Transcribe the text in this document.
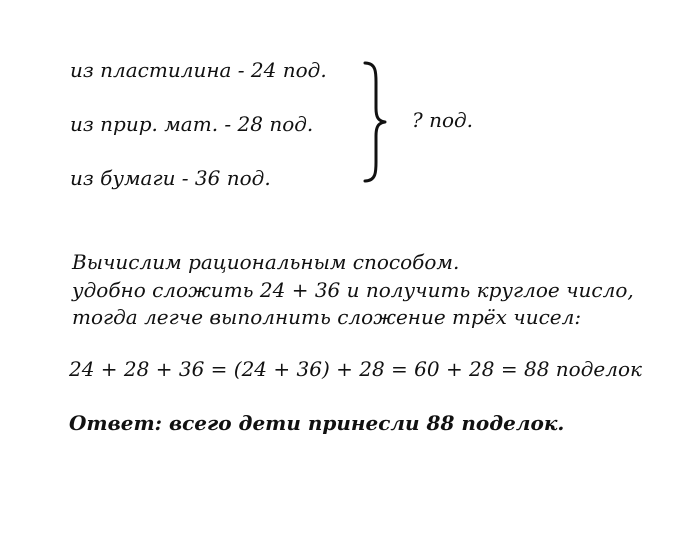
из пластилина - 24 под.
из прир. мат. - 28 под.
из бумаги - 36 под.
? под.
Вычислим рациональным способом.
удобно сложить 24 + 36 и получить круглое число,
тогда легче выполнить сложение трёх чисел:
24 + 28 + 36 = (24 + 36) + 28 = 60 + 28 = 88 поделок
Ответ: всего дети принесли 88 поделок.
